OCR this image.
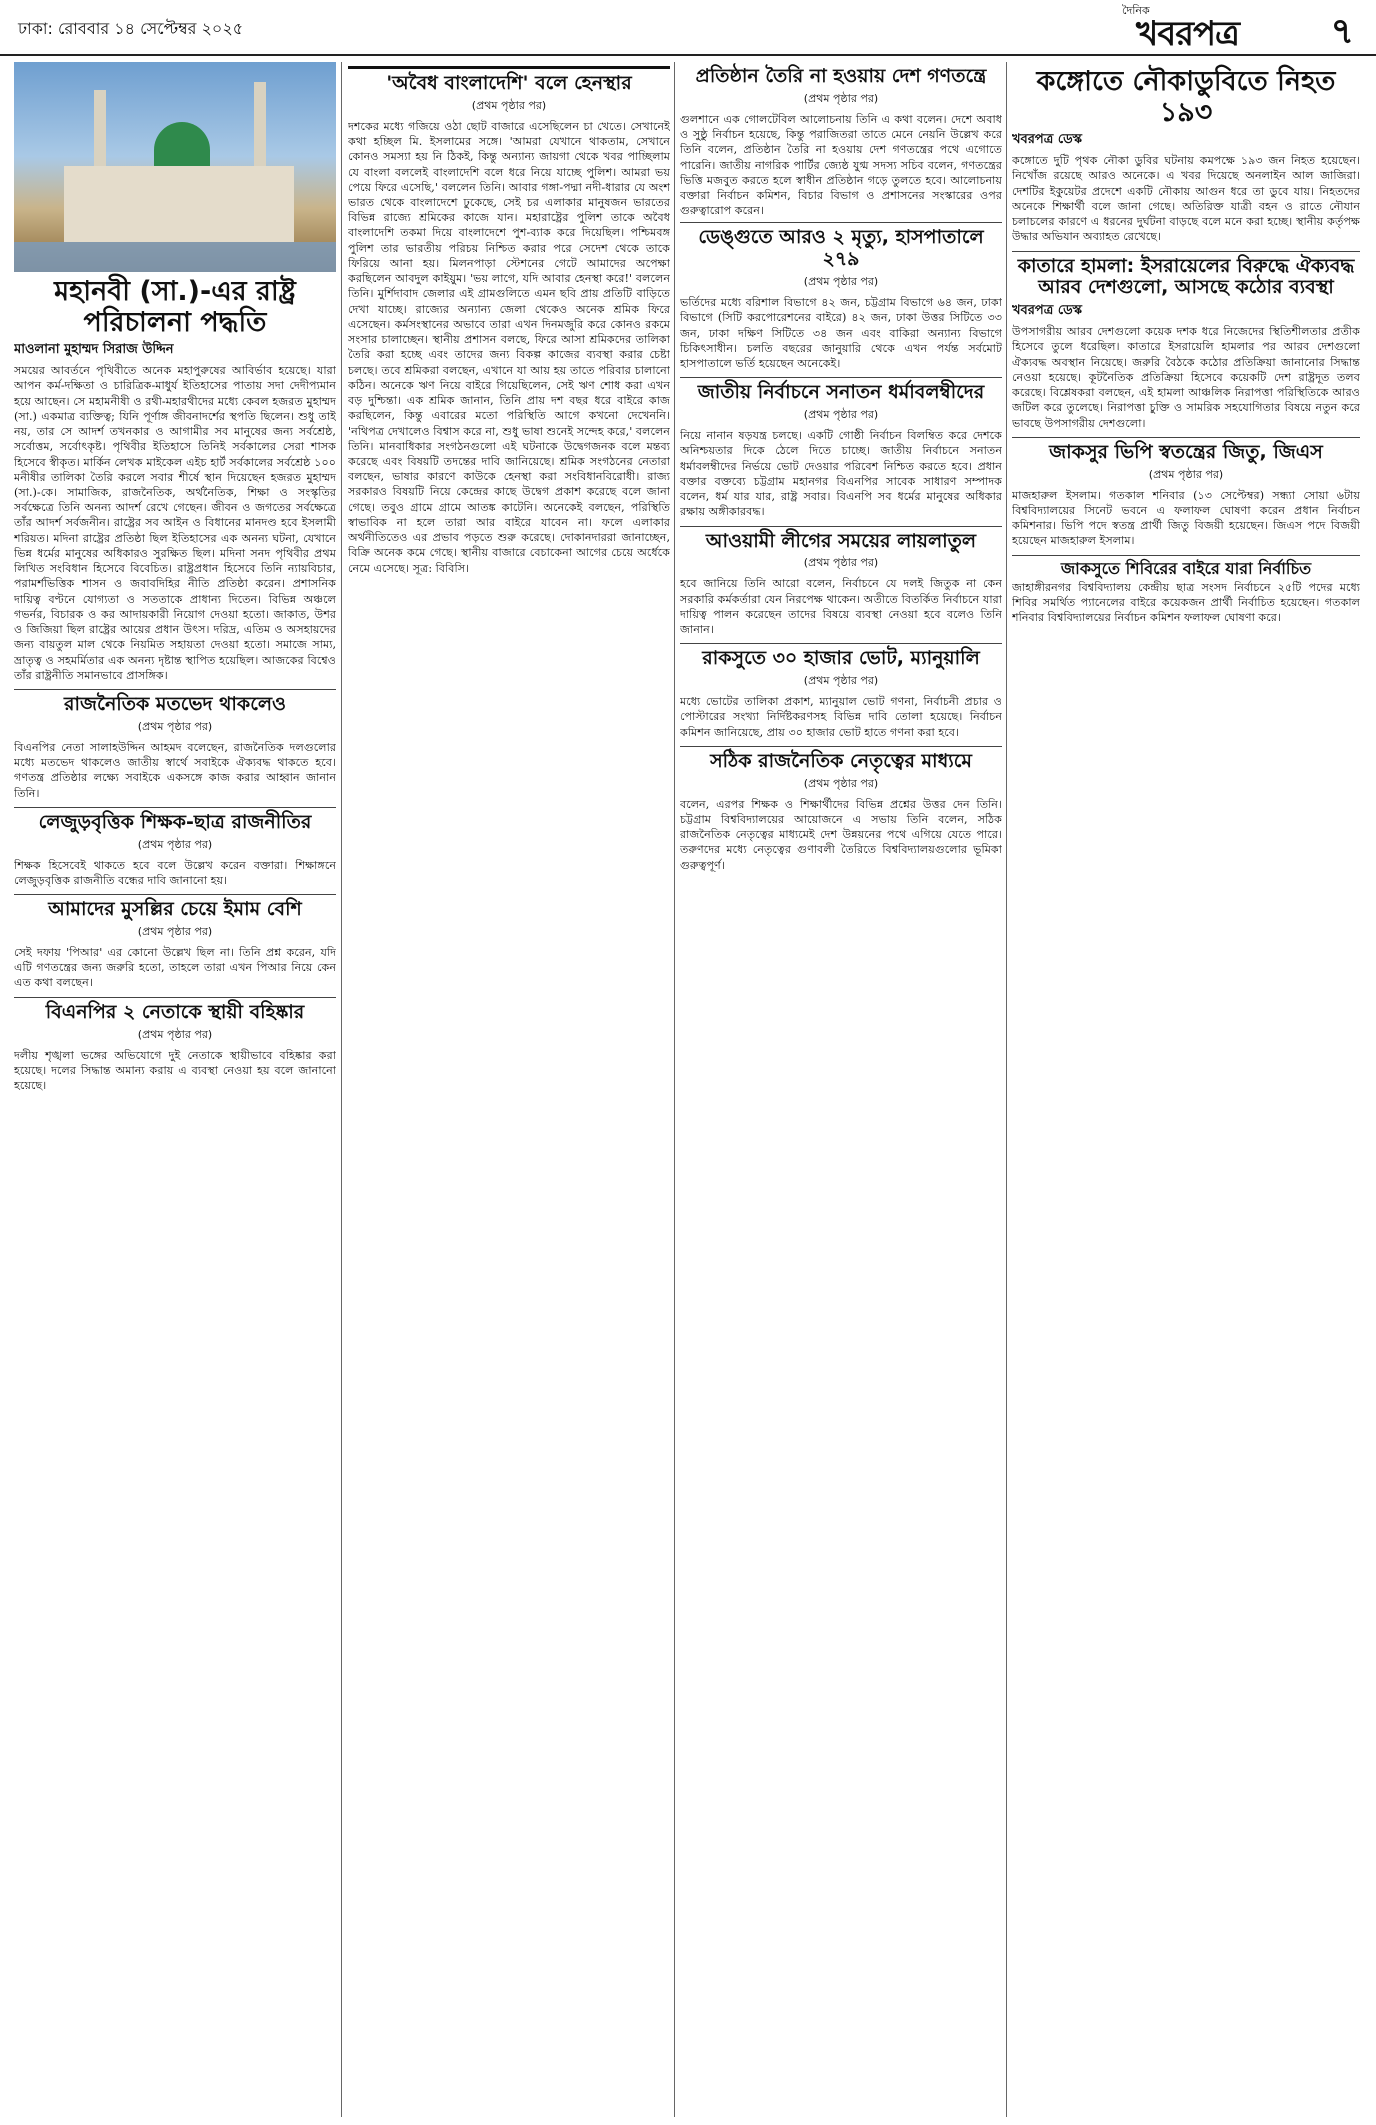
ঢাকা: রোববার ১৪ সেপ্টেম্বর ২০২৫
দৈনিক
খবরপত্র	৭
মহানবী (সা.)-এর রাষ্ট্র পরিচালনা পদ্ধতি
মাওলানা মুহাম্মদ সিরাজ উদ্দিন

সময়ের আবর্তনে পৃথিবীতে অনেক মহাপুরুষের আবির্ভাব হয়েছে। যারা আপন কর্ম-দক্ষিতা ও চারিত্রিক-মাধুর্য ইতিহাসের পাতায় সদা দেদীপ্যমান হয়ে আছেন। সে মহামনীষী ও রথী-মহারথীদের মধ্যে কেবল হজরত মুহাম্মদ (সা.) একমাত্র ব্যক্তিত্ব; যিনি পূর্ণাঙ্গ জীবনাদর্শের স্থপতি ছিলেন। শুধু তাই নয়, তার সে আদর্শ তখনকার ও আগামীর সব মানুষের জন্য সর্বশ্রেষ্ঠ, সর্বোত্তম, সর্বোৎকৃষ্ট। পৃথিবীর ইতিহাসে তিনিই সর্বকালের সেরা শাসক হিসেবে স্বীকৃত। মার্কিন লেখক মাইকেল এইচ হার্ট সর্বকালের সর্বশ্রেষ্ঠ ১০০ মনীষীর তালিকা তৈরি করলে সবার শীর্ষে স্থান দিয়েছেন হজরত মুহাম্মদ (সা.)-কে। সামাজিক, রাজনৈতিক, অর্থনৈতিক, শিক্ষা ও সংস্কৃতির সর্বক্ষেত্রে তিনি অনন্য আদর্শ রেখে গেছেন। জীবন ও জগতের সর্বক্ষেত্রে তাঁর আদর্শ সর্বজনীন। রাষ্ট্রের সব আইন ও বিধানের মানদণ্ড হবে ইসলামী শরিয়ত। মদিনা রাষ্ট্রের প্রতিষ্ঠা ছিল ইতিহাসের এক অনন্য ঘটনা, যেখানে ভিন্ন ধর্মের মানুষের অধিকারও সুরক্ষিত ছিল। মদিনা সনদ পৃথিবীর প্রথম লিখিত সংবিধান হিসেবে বিবেচিত। রাষ্ট্রপ্রধান হিসেবে তিনি ন্যায়বিচার, পরামর্শভিত্তিক শাসন ও জবাবদিহির নীতি প্রতিষ্ঠা করেন। প্রশাসনিক দায়িত্ব বণ্টনে যোগ্যতা ও সততাকে প্রাধান্য দিতেন। বিভিন্ন অঞ্চলে গভর্নর, বিচারক ও কর আদায়কারী নিয়োগ দেওয়া হতো। জাকাত, উশর ও জিজিয়া ছিল রাষ্ট্রের আয়ের প্রধান উৎস। দরিদ্র, এতিম ও অসহায়দের জন্য বায়তুল মাল থেকে নিয়মিত সহায়তা দেওয়া হতো। সমাজে সাম্য, ভ্রাতৃত্ব ও সহমর্মিতার এক অনন্য দৃষ্টান্ত স্থাপিত হয়েছিল। আজকের বিশ্বেও তাঁর রাষ্ট্রনীতি সমানভাবে প্রাসঙ্গিক।

রাজনৈতিক মতভেদ থাকলেও
(প্রথম পৃষ্ঠার পর)

বিএনপির নেতা সালাহউদ্দিন আহমদ বলেছেন, রাজনৈতিক দলগুলোর মধ্যে মতভেদ থাকলেও জাতীয় স্বার্থে সবাইকে ঐক্যবদ্ধ থাকতে হবে। গণতন্ত্র প্রতিষ্ঠার লক্ষ্যে সবাইকে একসঙ্গে কাজ করার আহ্বান জানান তিনি।

লেজুড়বৃত্তিক শিক্ষক-ছাত্র রাজনীতির
(প্রথম পৃষ্ঠার পর)

শিক্ষক হিসেবেই থাকতে হবে বলে উল্লেখ করেন বক্তারা। শিক্ষাঙ্গনে লেজুড়বৃত্তিক রাজনীতি বন্ধের দাবি জানানো হয়।

আমাদের মুসল্লির চেয়ে ইমাম বেশি
(প্রথম পৃষ্ঠার পর)

সেই দফায় 'পিআর' এর কোনো উল্লেখ ছিল না। তিনি প্রশ্ন করেন, যদি এটি গণতন্ত্রের জন্য জরুরি হতো, তাহলে তারা এখন পিআর নিয়ে কেন এত কথা বলছেন।

বিএনপির ২ নেতাকে স্থায়ী বহিষ্কার
(প্রথম পৃষ্ঠার পর)

দলীয় শৃঙ্খলা ভঙ্গের অভিযোগে দুই নেতাকে স্থায়ীভাবে বহিষ্কার করা হয়েছে। দলের সিদ্ধান্ত অমান্য করায় এ ব্যবস্থা নেওয়া হয় বলে জানানো হয়েছে।

'অবৈধ বাংলাদেশি' বলে হেনস্থার
(প্রথম পৃষ্ঠার পর)

দশকের মধ্যে গজিয়ে ওঠা ছোট বাজারে এসেছিলেন চা খেতে। সেখানেই কথা হচ্ছিল মি. ইসলামের সঙ্গে। 'আমরা যেখানে থাকতাম, সেখানে কোনও সমস্যা হয় নি ঠিকই, কিন্তু অন্যান্য জায়গা থেকে খবর পাচ্ছিলাম যে বাংলা বললেই বাংলাদেশি বলে ধরে নিয়ে যাচ্ছে পুলিশ। আমরা ভয় পেয়ে ফিরে এসেছি,' বললেন তিনি। আবার গঙ্গা-পদ্মা নদী-ধারার যে অংশ ভারত থেকে বাংলাদেশে ঢুকেছে, সেই চর এলাকার মানুষজন ভারতের বিভিন্ন রাজ্যে শ্রমিকের কাজে যান। মহারাষ্ট্রের পুলিশ তাকে অবৈধ বাংলাদেশি তকমা দিয়ে বাংলাদেশে পুশ-ব্যাক করে দিয়েছিল। পশ্চিমবঙ্গ পুলিশ তার ভারতীয় পরিচয় নিশ্চিত করার পরে সেদেশ থেকে তাকে ফিরিয়ে আনা হয়। মিলনপাড়া স্টেশনের গেটে আমাদের অপেক্ষা করছিলেন আবদুল কাইয়ুম। 'ভয় লাগে, যদি আবার হেনস্থা করে!' বললেন তিনি। মুর্শিদাবাদ জেলার এই গ্রামগুলিতে এমন ছবি প্রায় প্রতিটি বাড়িতে দেখা যাচ্ছে। রাজ্যের অন্যান্য জেলা থেকেও অনেক শ্রমিক ফিরে এসেছেন। কর্মসংস্থানের অভাবে তারা এখন দিনমজুরি করে কোনও রকমে সংসার চালাচ্ছেন। স্থানীয় প্রশাসন বলছে, ফিরে আসা শ্রমিকদের তালিকা তৈরি করা হচ্ছে এবং তাদের জন্য বিকল্প কাজের ব্যবস্থা করার চেষ্টা চলছে। তবে শ্রমিকরা বলছেন, এখানে যা আয় হয় তাতে পরিবার চালানো কঠিন। অনেকে ঋণ নিয়ে বাইরে গিয়েছিলেন, সেই ঋণ শোধ করা এখন বড় দুশ্চিন্তা। এক শ্রমিক জানান, তিনি প্রায় দশ বছর ধরে বাইরে কাজ করছিলেন, কিন্তু এবারের মতো পরিস্থিতি আগে কখনো দেখেননি। 'নথিপত্র দেখালেও বিশ্বাস করে না, শুধু ভাষা শুনেই সন্দেহ করে,' বললেন তিনি। মানবাধিকার সংগঠনগুলো এই ঘটনাকে উদ্বেগজনক বলে মন্তব্য করেছে এবং বিষয়টি তদন্তের দাবি জানিয়েছে। শ্রমিক সংগঠনের নেতারা বলছেন, ভাষার কারণে কাউকে হেনস্থা করা সংবিধানবিরোধী। রাজ্য সরকারও বিষয়টি নিয়ে কেন্দ্রের কাছে উদ্বেগ প্রকাশ করেছে বলে জানা গেছে। তবুও গ্রামে গ্রামে আতঙ্ক কাটেনি। অনেকেই বলছেন, পরিস্থিতি স্বাভাবিক না হলে তারা আর বাইরে যাবেন না। ফলে এলাকার অর্থনীতিতেও এর প্রভাব পড়তে শুরু করেছে। দোকানদাররা জানাচ্ছেন, বিক্রি অনেক কমে গেছে। স্থানীয় বাজারে বেচাকেনা আগের চেয়ে অর্ধেকে নেমে এসেছে। সূত্র: বিবিসি।

প্রতিষ্ঠান তৈরি না হওয়ায় দেশ গণতন্ত্রে
(প্রথম পৃষ্ঠার পর)

গুলশানে এক গোলটেবিল আলোচনায় তিনি এ কথা বলেন। দেশে অবাধ ও সুষ্ঠু নির্বাচন হয়েছে, কিন্তু পরাজিতরা তাতে মেনে নেয়নি উল্লেখ করে তিনি বলেন, প্রতিষ্ঠান তৈরি না হওয়ায় দেশ গণতন্ত্রের পথে এগোতে পারেনি। জাতীয় নাগরিক পার্টির জ্যেষ্ঠ যুগ্ম সদস্য সচিব বলেন, গণতন্ত্রের ভিত্তি মজবুত করতে হলে স্বাধীন প্রতিষ্ঠান গড়ে তুলতে হবে। আলোচনায় বক্তারা নির্বাচন কমিশন, বিচার বিভাগ ও প্রশাসনের সংস্কারের ওপর গুরুত্বারোপ করেন।

ডেঙ্গুতে আরও ২ মৃত্যু, হাসপাতালে ২৭৯
(প্রথম পৃষ্ঠার পর)

ভর্তিদের মধ্যে বরিশাল বিভাগে ৪২ জন, চট্টগ্রাম বিভাগে ৬৪ জন, ঢাকা বিভাগে (সিটি করপোরেশনের বাইরে) ৪২ জন, ঢাকা উত্তর সিটিতে ৩৩ জন, ঢাকা দক্ষিণ সিটিতে ৩৪ জন এবং বাকিরা অন্যান্য বিভাগে চিকিৎসাধীন। চলতি বছরের জানুয়ারি থেকে এখন পর্যন্ত সর্বমোট হাসপাতালে ভর্তি হয়েছেন অনেকেই।

জাতীয় নির্বাচনে সনাতন ধর্মাবলম্বীদের
(প্রথম পৃষ্ঠার পর)

নিয়ে নানান ষড়যন্ত্র চলছে। একটি গোষ্ঠী নির্বাচন বিলম্বিত করে দেশকে অনিশ্চয়তার দিকে ঠেলে দিতে চাচ্ছে। জাতীয় নির্বাচনে সনাতন ধর্মাবলম্বীদের নির্ভয়ে ভোট দেওয়ার পরিবেশ নিশ্চিত করতে হবে। প্রধান বক্তার বক্তব্যে চট্টগ্রাম মহানগর বিএনপির সাবেক সাধারণ সম্পাদক বলেন, ধর্ম যার যার, রাষ্ট্র সবার। বিএনপি সব ধর্মের মানুষের অধিকার রক্ষায় অঙ্গীকারবদ্ধ।

আওয়ামী লীগের সময়ের লায়লাতুল
(প্রথম পৃষ্ঠার পর)

হবে জানিয়ে তিনি আরো বলেন, নির্বাচনে যে দলই জিতুক না কেন সরকারি কর্মকর্তারা যেন নিরপেক্ষ থাকেন। অতীতে বিতর্কিত নির্বাচনে যারা দায়িত্ব পালন করেছেন তাদের বিষয়ে ব্যবস্থা নেওয়া হবে বলেও তিনি জানান।

রাকসুতে ৩০ হাজার ভোট, ম্যানুয়ালি
(প্রথম পৃষ্ঠার পর)

মধ্যে ভোটের তালিকা প্রকাশ, ম্যানুয়াল ভোট গণনা, নির্বাচনী প্রচার ও পোস্টারের সংখ্যা নির্দিষ্টকরণসহ বিভিন্ন দাবি তোলা হয়েছে। নির্বাচন কমিশন জানিয়েছে, প্রায় ৩০ হাজার ভোট হাতে গণনা করা হবে।

সঠিক রাজনৈতিক নেতৃত্বের মাধ্যমে
(প্রথম পৃষ্ঠার পর)

বলেন, এরপর শিক্ষক ও শিক্ষার্থীদের বিভিন্ন প্রশ্নের উত্তর দেন তিনি। চট্টগ্রাম বিশ্ববিদ্যালয়ের আয়োজনে এ সভায় তিনি বলেন, সঠিক রাজনৈতিক নেতৃত্বের মাধ্যমেই দেশ উন্নয়নের পথে এগিয়ে যেতে পারে। তরুণদের মধ্যে নেতৃত্বের গুণাবলী তৈরিতে বিশ্ববিদ্যালয়গুলোর ভূমিকা গুরুত্বপূর্ণ।

কঙ্গোতে নৌকাডুবিতে নিহত ১৯৩
খবরপত্র ডেস্ক

কঙ্গোতে দুটি পৃথক নৌকা ডুবির ঘটনায় কমপক্ষে ১৯৩ জন নিহত হয়েছেন। নিখোঁজ রয়েছে আরও অনেকে। এ খবর দিয়েছে অনলাইন আল জাজিরা। দেশটির ইকুয়েটর প্রদেশে একটি নৌকায় আগুন ধরে তা ডুবে যায়। নিহতদের অনেকে শিক্ষার্থী বলে জানা গেছে। অতিরিক্ত যাত্রী বহন ও রাতে নৌযান চলাচলের কারণে এ ধরনের দুর্ঘটনা বাড়ছে বলে মনে করা হচ্ছে। স্থানীয় কর্তৃপক্ষ উদ্ধার অভিযান অব্যাহত রেখেছে।

কাতারে হামলা: ইসরায়েলের বিরুদ্ধে ঐক্যবদ্ধ আরব দেশগুলো, আসছে কঠোর ব্যবস্থা
খবরপত্র ডেস্ক

উপসাগরীয় আরব দেশগুলো কয়েক দশক ধরে নিজেদের স্থিতিশীলতার প্রতীক হিসেবে তুলে ধরেছিল। কাতারে ইসরায়েলি হামলার পর আরব দেশগুলো ঐক্যবদ্ধ অবস্থান নিয়েছে। জরুরি বৈঠকে কঠোর প্রতিক্রিয়া জানানোর সিদ্ধান্ত নেওয়া হয়েছে। কূটনৈতিক প্রতিক্রিয়া হিসেবে কয়েকটি দেশ রাষ্ট্রদূত তলব করেছে। বিশ্লেষকরা বলছেন, এই হামলা আঞ্চলিক নিরাপত্তা পরিস্থিতিকে আরও জটিল করে তুলেছে। নিরাপত্তা চুক্তি ও সামরিক সহযোগিতার বিষয়ে নতুন করে ভাবছে উপসাগরীয় দেশগুলো।

জাকসুর ভিপি স্বতন্ত্রের জিতু, জিএস
(প্রথম পৃষ্ঠার পর)

মাজহারুল ইসলাম। গতকাল শনিবার (১৩ সেপ্টেম্বর) সন্ধ্যা সোয়া ৬টায় বিশ্ববিদ্যালয়ের সিনেট ভবনে এ ফলাফল ঘোষণা করেন প্রধান নির্বাচন কমিশনার। ভিপি পদে স্বতন্ত্র প্রার্থী জিতু বিজয়ী হয়েছেন। জিএস পদে বিজয়ী হয়েছেন মাজহারুল ইসলাম।

জাকসুতে শিবিরের বাইরে যারা নির্বাচিত

জাহাঙ্গীরনগর বিশ্ববিদ্যালয় কেন্দ্রীয় ছাত্র সংসদ নির্বাচনে ২৫টি পদের মধ্যে শিবির সমর্থিত প্যানেলের বাইরে কয়েকজন প্রার্থী নির্বাচিত হয়েছেন। গতকাল শনিবার বিশ্ববিদ্যালয়ের নির্বাচন কমিশন ফলাফল ঘোষণা করে।
